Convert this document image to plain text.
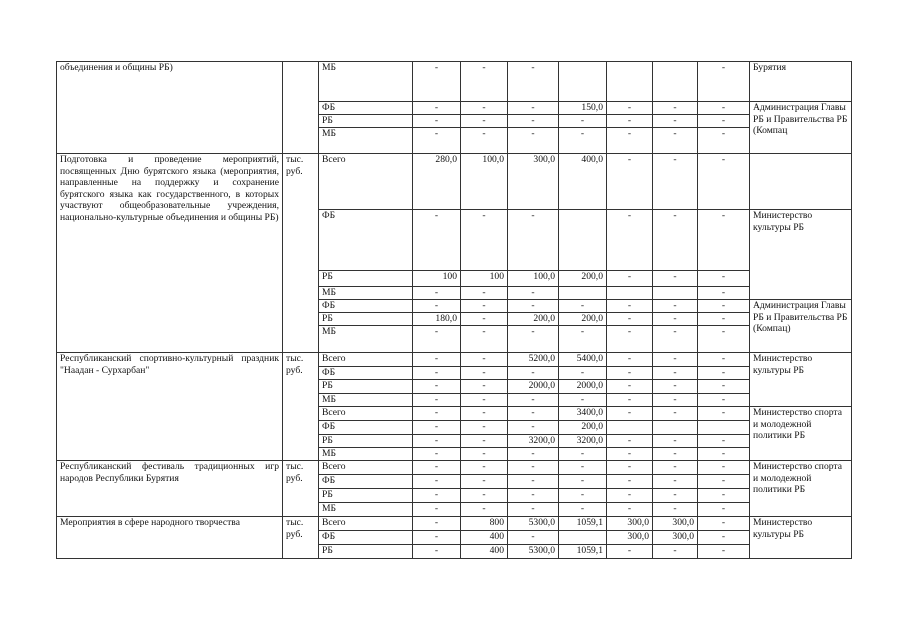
объединения и общины РБ)		МБ	-	-	-				-	Бурятия
		ФБ	-	-	-	150,0	-	-	-	Администрация Главы РБ и Правительства РБ (Компац
		РБ	-	-	-	-	-	-	-	
		МБ	-	-	-	-	-	-	-	
Подготовка и проведение мероприятий, посвященных Дню бурятского языка (мероприятия, направленные на поддержку и сохранение бурятского языка как государственного, в которых участвуют общеобразовательные учреждения, национально-культурные объединения и общины РБ)	тыс. руб.	Всего	280,0	100,0	300,0	400,0	-	-	-	
		ФБ	-	-	-		-	-	-	Министерство культуры РБ
		РБ	100	100	100,0	200,0	-	-	-	
		МБ	-	-	-				-	
		ФБ	-	-	-	-	-	-	-	Администрация Главы РБ и Правительства РБ (Компац)
		РБ	180,0	-	200,0	200,0	-	-	-	
		МБ	-	-	-	-	-	-	-	
Республиканский спортивно-культурный праздник "Наадан - Сурхарбан"	тыс. руб.	Всего	-	-	5200,0	5400,0	-	-	-	Министерство культуры РБ
		ФБ	-	-	-	-	-	-	-	
		РБ	-	-	2000,0	2000,0	-	-	-	
		МБ	-	-	-	-	-	-	-	
		Всего	-	-	-	3400,0	-	-	-	Министерство спорта и молодежной политики РБ
		ФБ	-	-	-	200,0				
		РБ	-	-	3200,0	3200,0	-	-	-	
		МБ	-	-	-	-	-	-	-	
Республиканский фестиваль традиционных игр народов Республики Бурятия	тыс. руб.	Всего	-	-	-	-	-	-	-	Министерство спорта и молодежной политики РБ
		ФБ	-	-	-	-	-	-	-	
		РБ	-	-	-	-	-	-	-	
		МБ	-	-	-	-	-	-	-	
Мероприятия в сфере народного творчества	тыс. руб.	Всего	-	800	5300,0	1059,1	300,0	300,0	-	Министерство культуры РБ
		ФБ	-	400	-		300,0	300,0	-	
		РБ	-	400	5300,0	1059,1	-	-	-	
